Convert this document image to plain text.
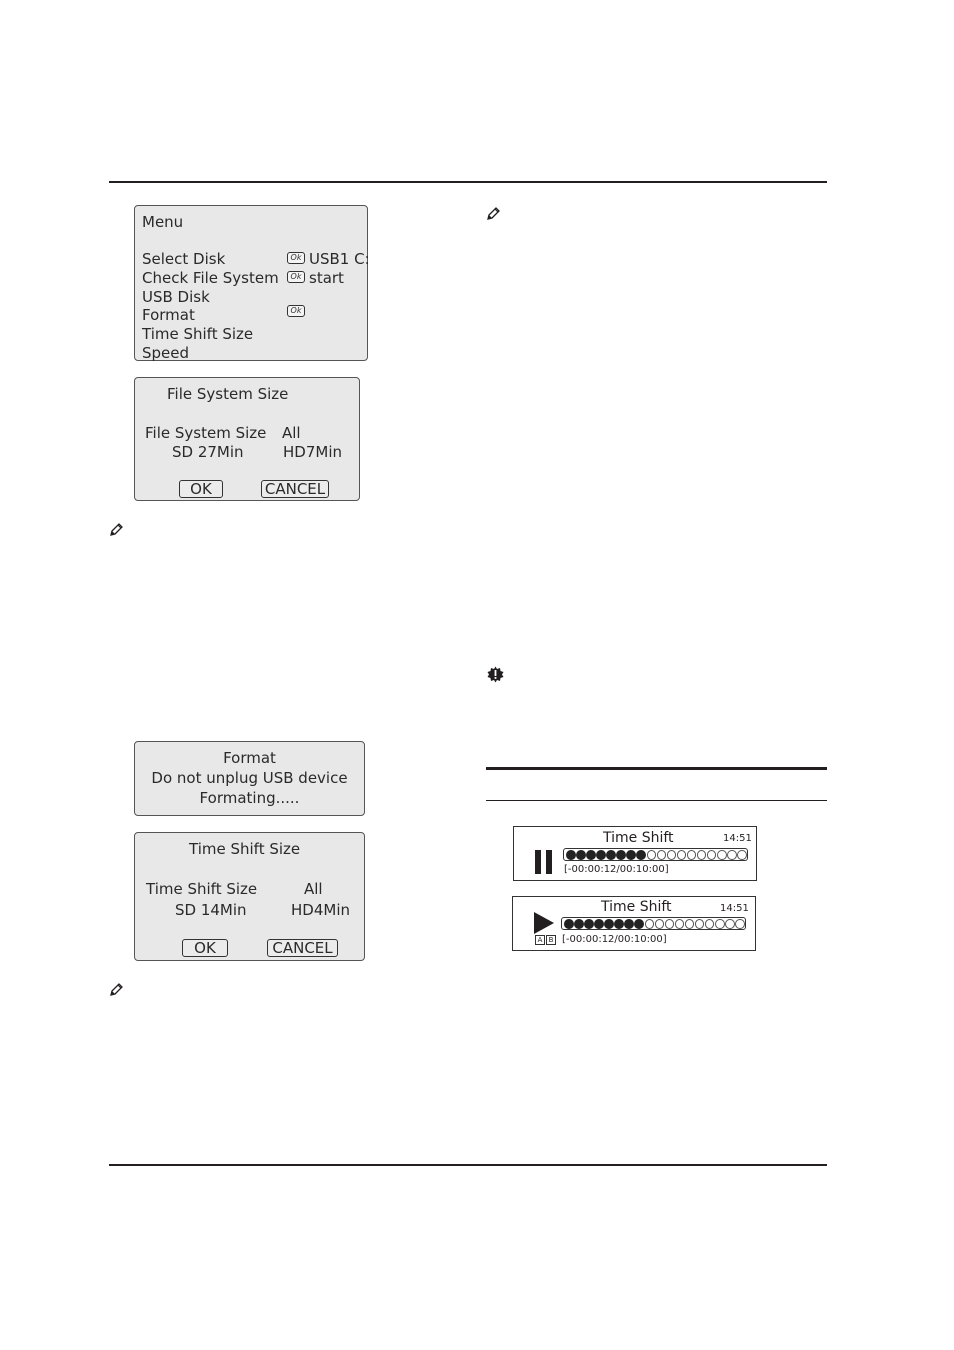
Menu
Select Disk	Ok USB1 C:
Check File System	Ok start
USB Disk
Format	Ok
Time Shift Size
Speed
File System Size
File System Size All
SD 27Min	HD7Min
OK	CANCEL
Format
Do not unplug USB device
Formating.....
Time Shift Size
Time Shift Size	All
SD 14Min	HD4Min
OK	CANCEL
Time Shift	14:51
[-00:00:12/00:10:00]
Time Shift	14:51
A B [-00:00:12/00:10:00]
